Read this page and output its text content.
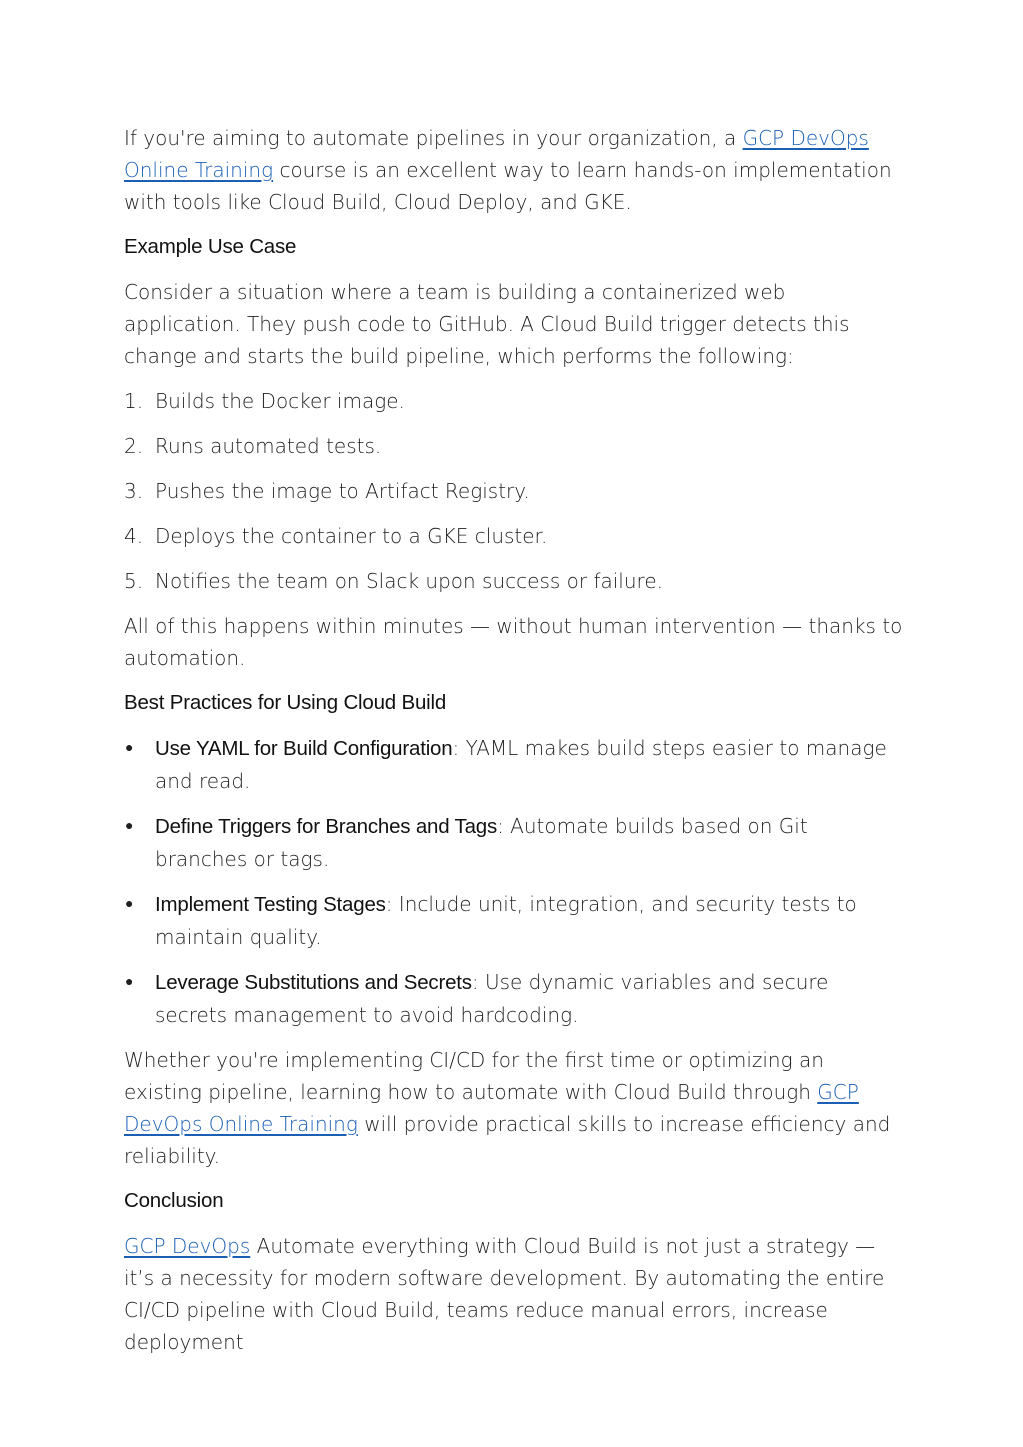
If you're aiming to automate pipelines in your organization, a GCP DevOps Online Training course is an excellent way to learn hands-on implementation with tools like Cloud Build, Cloud Deploy, and GKE.

Example Use Case

Consider a situation where a team is building a containerized web application. They push code to GitHub. A Cloud Build trigger detects this change and starts the build pipeline, which performs the following:

1. Builds the Docker image.
2. Runs automated tests.
3. Pushes the image to Artifact Registry.
4. Deploys the container to a GKE cluster.
5. Notifies the team on Slack upon success or failure.

All of this happens within minutes — without human intervention — thanks to automation.

Best Practices for Using Cloud Build
● Use YAML for Build Configuration: YAML makes build steps easier to manage and read.
● Define Triggers for Branches and Tags: Automate builds based on Git branches or tags.
● Implement Testing Stages: Include unit, integration, and security tests to maintain quality.
● Leverage Substitutions and Secrets: Use dynamic variables and secure secrets management to avoid hardcoding.

Whether you're implementing CI/CD for the first time or optimizing an existing pipeline, learning how to automate with Cloud Build through GCP DevOps Online Training will provide practical skills to increase efficiency and reliability.

Conclusion

GCP DevOps Automate everything with Cloud Build is not just a strategy — it’s a necessity for modern software development. By automating the entire CI/CD pipeline with Cloud Build, teams reduce manual errors, increase deployment
